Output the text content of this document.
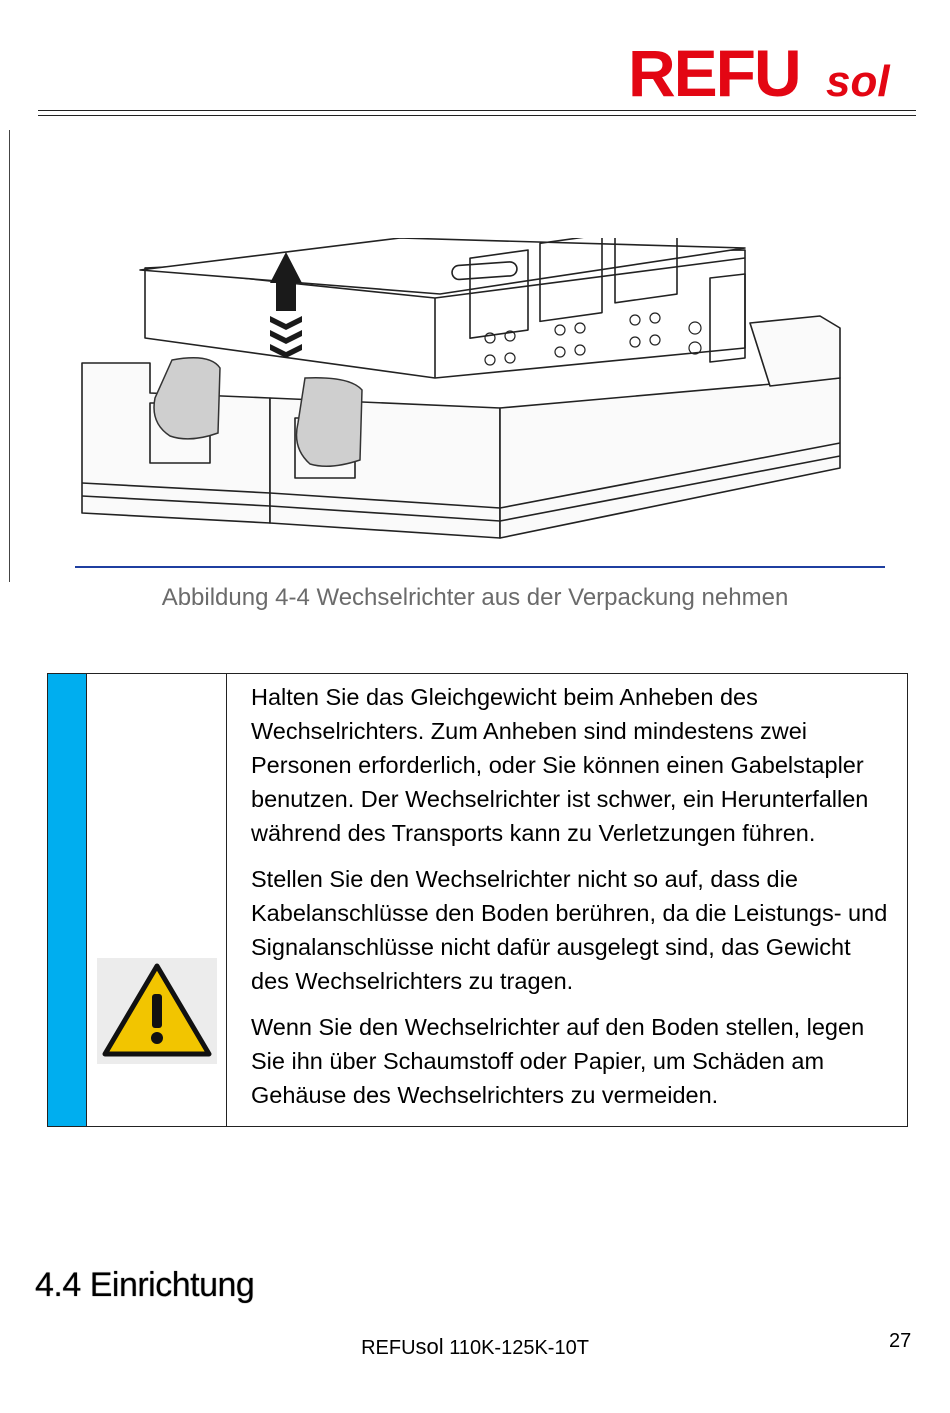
REFU sol
Abbildung 4-4 Wechselrichter aus der Verpackung nehmen

Halten Sie das Gleichgewicht beim Anheben des Wechselrichters. Zum Anheben sind mindestens zwei Personen erforderlich, oder Sie können einen Gabelstapler benutzen. Der Wechselrichter ist schwer, ein Herunterfallen während des Transports kann zu Verletzungen führen.

Stellen Sie den Wechselrichter nicht so auf, dass die Kabelanschlüsse den Boden berühren, da die Leistungs- und Signalanschlüsse nicht dafür ausgelegt sind, das Gewicht des Wechselrichters zu tragen.

Wenn Sie den Wechselrichter auf den Boden stellen, legen Sie ihn über Schaumstoff oder Papier, um Schäden am Gehäuse des Wechselrichters zu vermeiden.

4.4 Einrichtung
REFUsol 110K-125K-10T	27
